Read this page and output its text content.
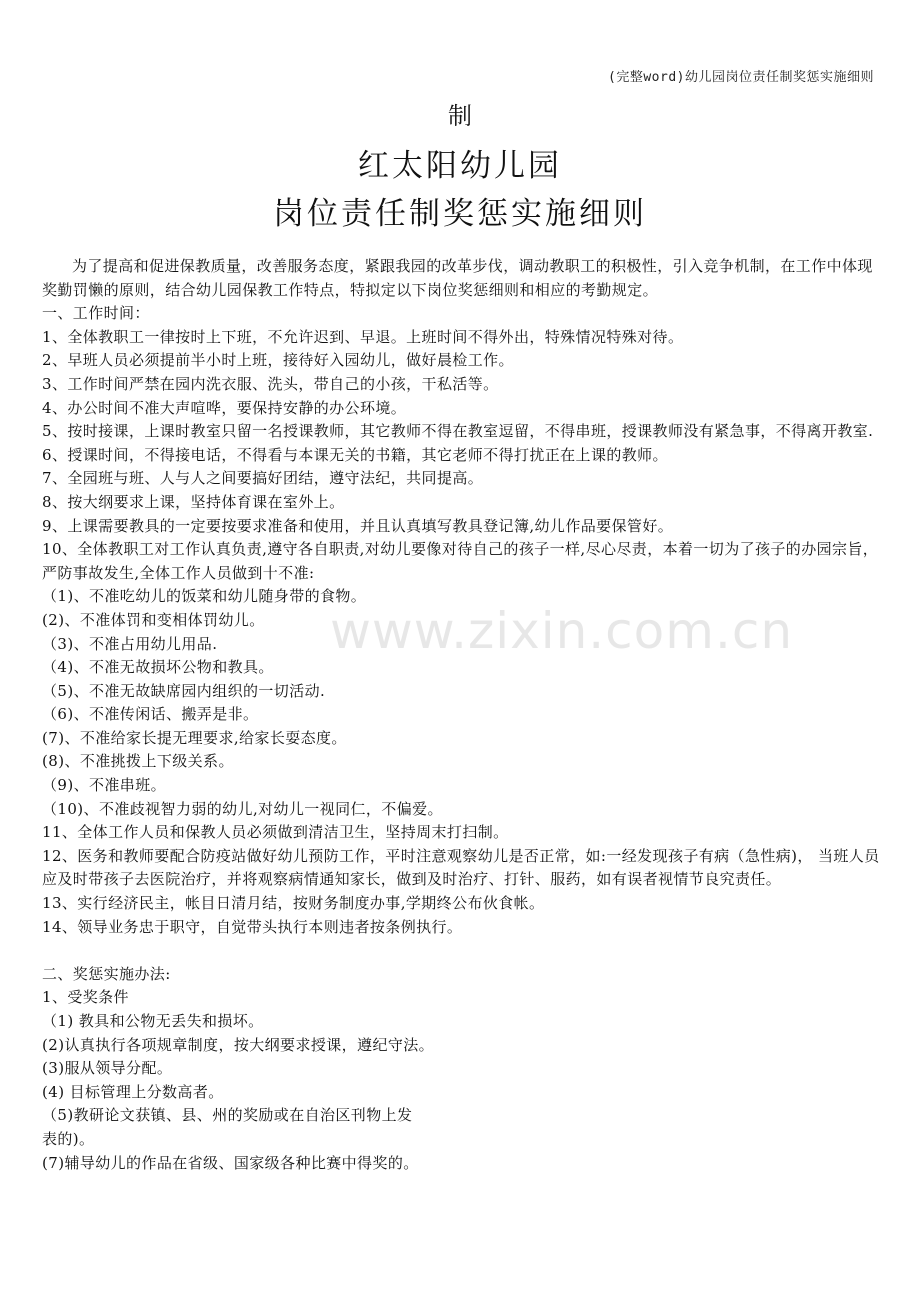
(完整word)幼儿园岗位责任制奖惩实施细则
制
红太阳幼儿园
岗位责任制奖惩实施细则
www.zixin.com.cn

为了提高和促进保教质量，改善服务态度，紧跟我园的改革步伐，调动教职工的积极性，引入竞争机制，在工作中体现奖勤罚懒的原则，结合幼儿园保教工作特点，特拟定以下岗位奖惩细则和相应的考勤规定。

一、工作时间：

1、全体教职工一律按时上下班，不允许迟到、早退。上班时间不得外出，特殊情况特殊对待。

2、早班人员必须提前半小时上班，接待好入园幼儿，做好晨检工作。

3、工作时间严禁在园内洗衣服、洗头，带自己的小孩，干私活等。

4、办公时间不准大声喧哗，要保持安静的办公环境。

5、按时接课，上课时教室只留一名授课教师，其它教师不得在教室逗留，不得串班，授课教师没有紧急事，不得离开教室.

6、授课时间，不得接电话，不得看与本课无关的书籍，其它老师不得打扰正在上课的教师。

7、全园班与班、人与人之间要搞好团结，遵守法纪，共同提高。

8、按大纲要求上课，坚持体育课在室外上。

9、上课需要教具的一定要按要求准备和使用，并且认真填写教具登记簿,幼儿作品要保管好。

10、全体教职工对工作认真负责,遵守各自职责,对幼儿要像对待自己的孩子一样,尽心尽责，本着一切为了孩子的办园宗旨，严防事故发生,全体工作人员做到十不准:

（1)、不准吃幼儿的饭菜和幼儿随身带的食物。

(2)、不准体罚和变相体罚幼儿。

（3)、不准占用幼儿用品.

（4)、不准无故损坏公物和教具。

（5)、不准无故缺席园内组织的一切活动.

（6)、不准传闲话、搬弄是非。

(7)、不准给家长提无理要求,给家长耍态度。

(8)、不准挑拨上下级关系。

（9)、不准串班。

（10)、不准歧视智力弱的幼儿,对幼儿一视同仁，不偏爱。

11、全体工作人员和保教人员必须做到清洁卫生，坚持周末打扫制。

12、医务和教师要配合防疫站做好幼儿预防工作，平时注意观察幼儿是否正常，如:一经发现孩子有病（急性病)， 当班人员应及时带孩子去医院治疗，并将观察病情通知家长，做到及时治疗、打针、服药，如有误者视情节良究责任。

13、实行经济民主，帐目日清月结，按财务制度办事,学期终公布伙食帐。

14、领导业务忠于职守，自觉带头执行本则违者按条例执行。

二、奖惩实施办法:

1、受奖条件

（1) 教具和公物无丢失和损坏。

(2)认真执行各项规章制度，按大纲要求授课，遵纪守法。

(3)服从领导分配。

(4) 目标管理上分数高者。

（5)教研论文获镇、县、州的奖励或在自治区刊物上发

表的)。

(7)辅导幼儿的作品在省级、国家级各种比赛中得奖的。
